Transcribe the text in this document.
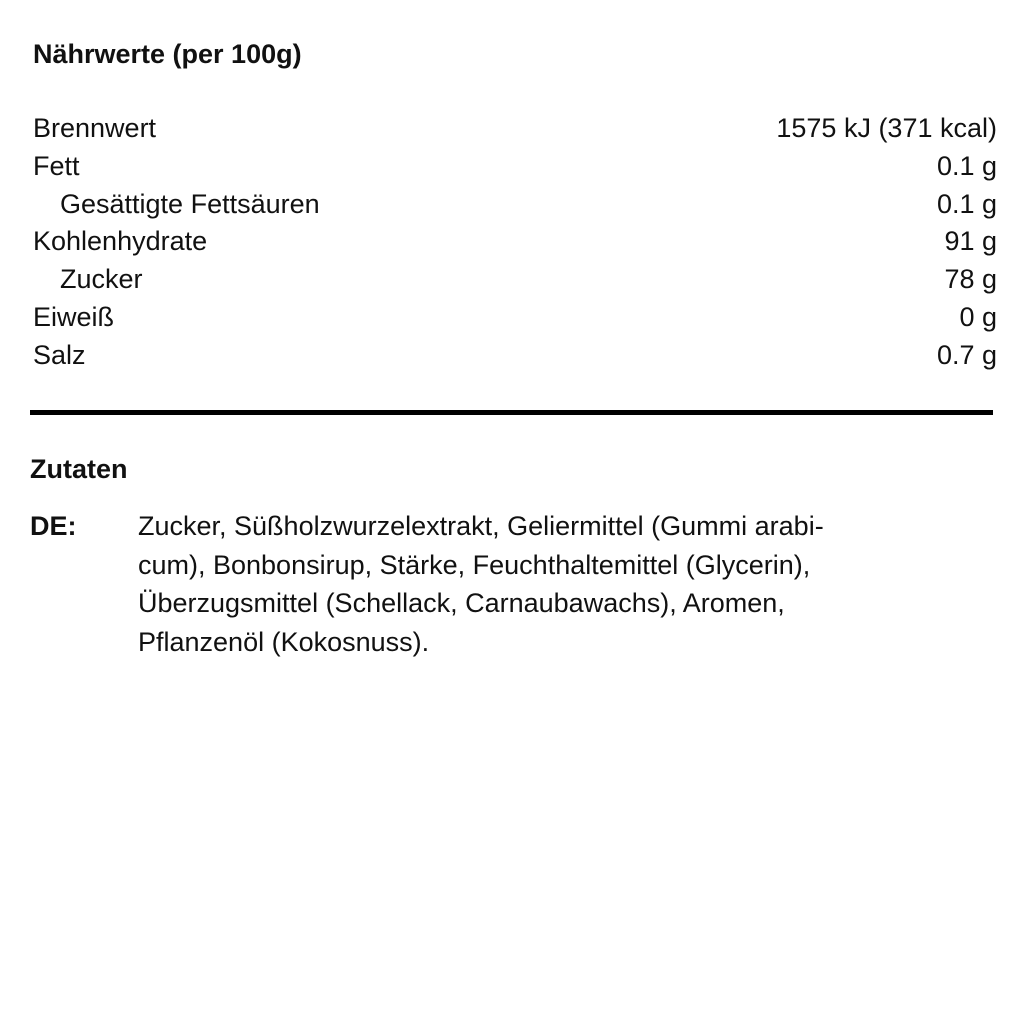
Nährwerte (per 100g)
Brennwert	1575 kJ (371 kcal)
Fett	0.1 g
Gesättigte Fettsäuren	0.1 g
Kohlenhydrate	91 g
Zucker	78 g
Eiweiß	0 g
Salz	0.7 g
Zutaten
DE:	Zucker, Süßholzwurzelextrakt, Geliermittel (Gummi arabi-
cum), Bonbonsirup, Stärke, Feuchthaltemittel (Glycerin),
Überzugsmittel (Schellack, Carnaubawachs), Aromen,
Pflanzenöl (Kokosnuss).
